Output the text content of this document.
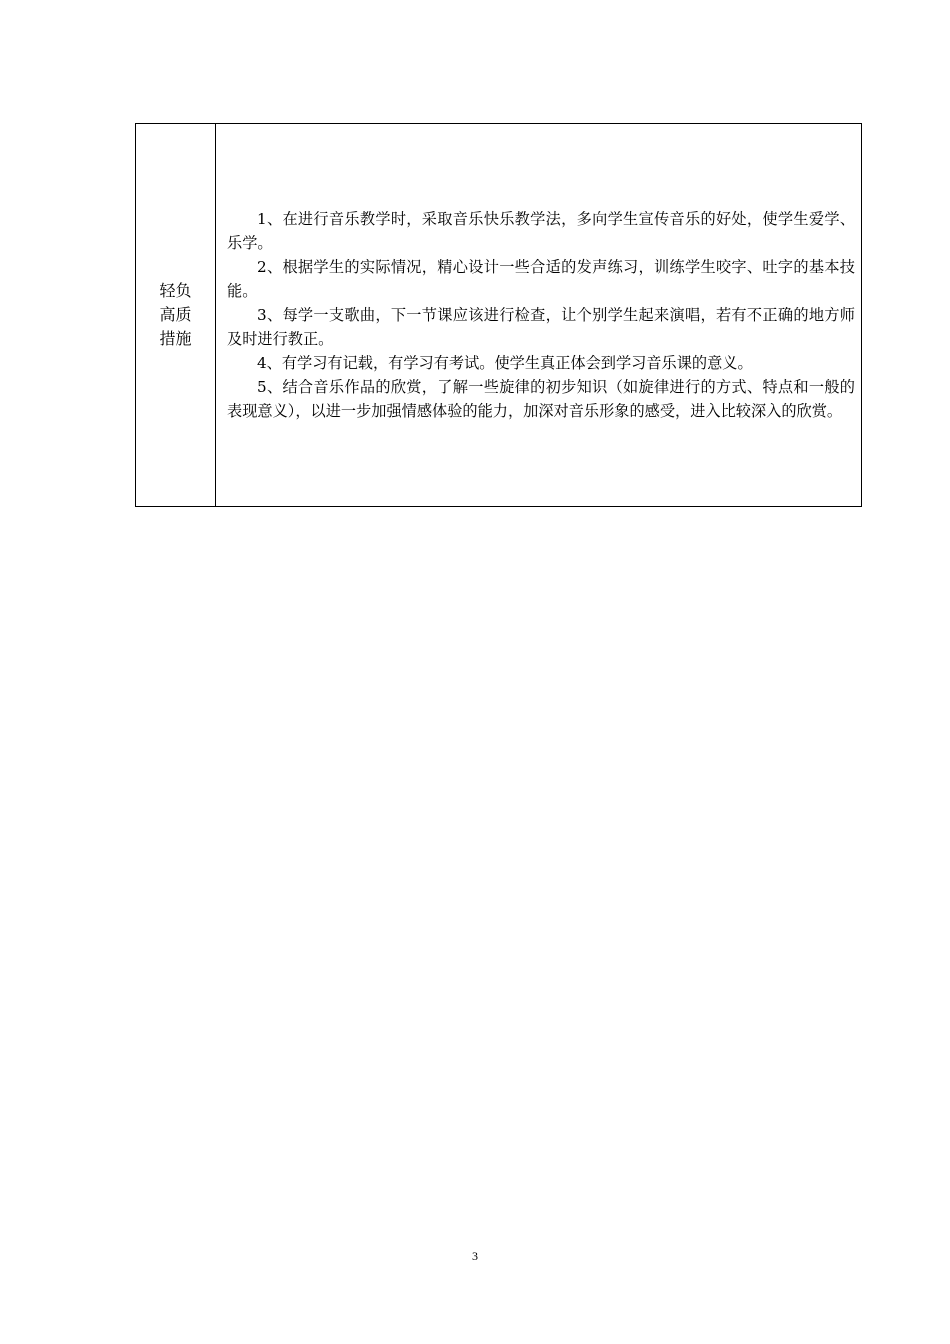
轻负
高质
措施

1、在进行音乐教学时，采取音乐快乐教学法，多向学生宣传音乐的好处，使学生爱学、乐学。

2、根据学生的实际情况，精心设计一些合适的发声练习，训练学生咬字、吐字的基本技能。

3、每学一支歌曲，下一节课应该进行检查，让个别学生起来演唱，若有不正确的地方师及时进行教正。

4、有学习有记载，有学习有考试。使学生真正体会到学习音乐课的意义。

5、结合音乐作品的欣赏，了解一些旋律的初步知识（如旋律进行的方式、特点和一般的表现意义），以进一步加强情感体验的能力，加深对音乐形象的感受，进入比较深入的欣赏。

3
